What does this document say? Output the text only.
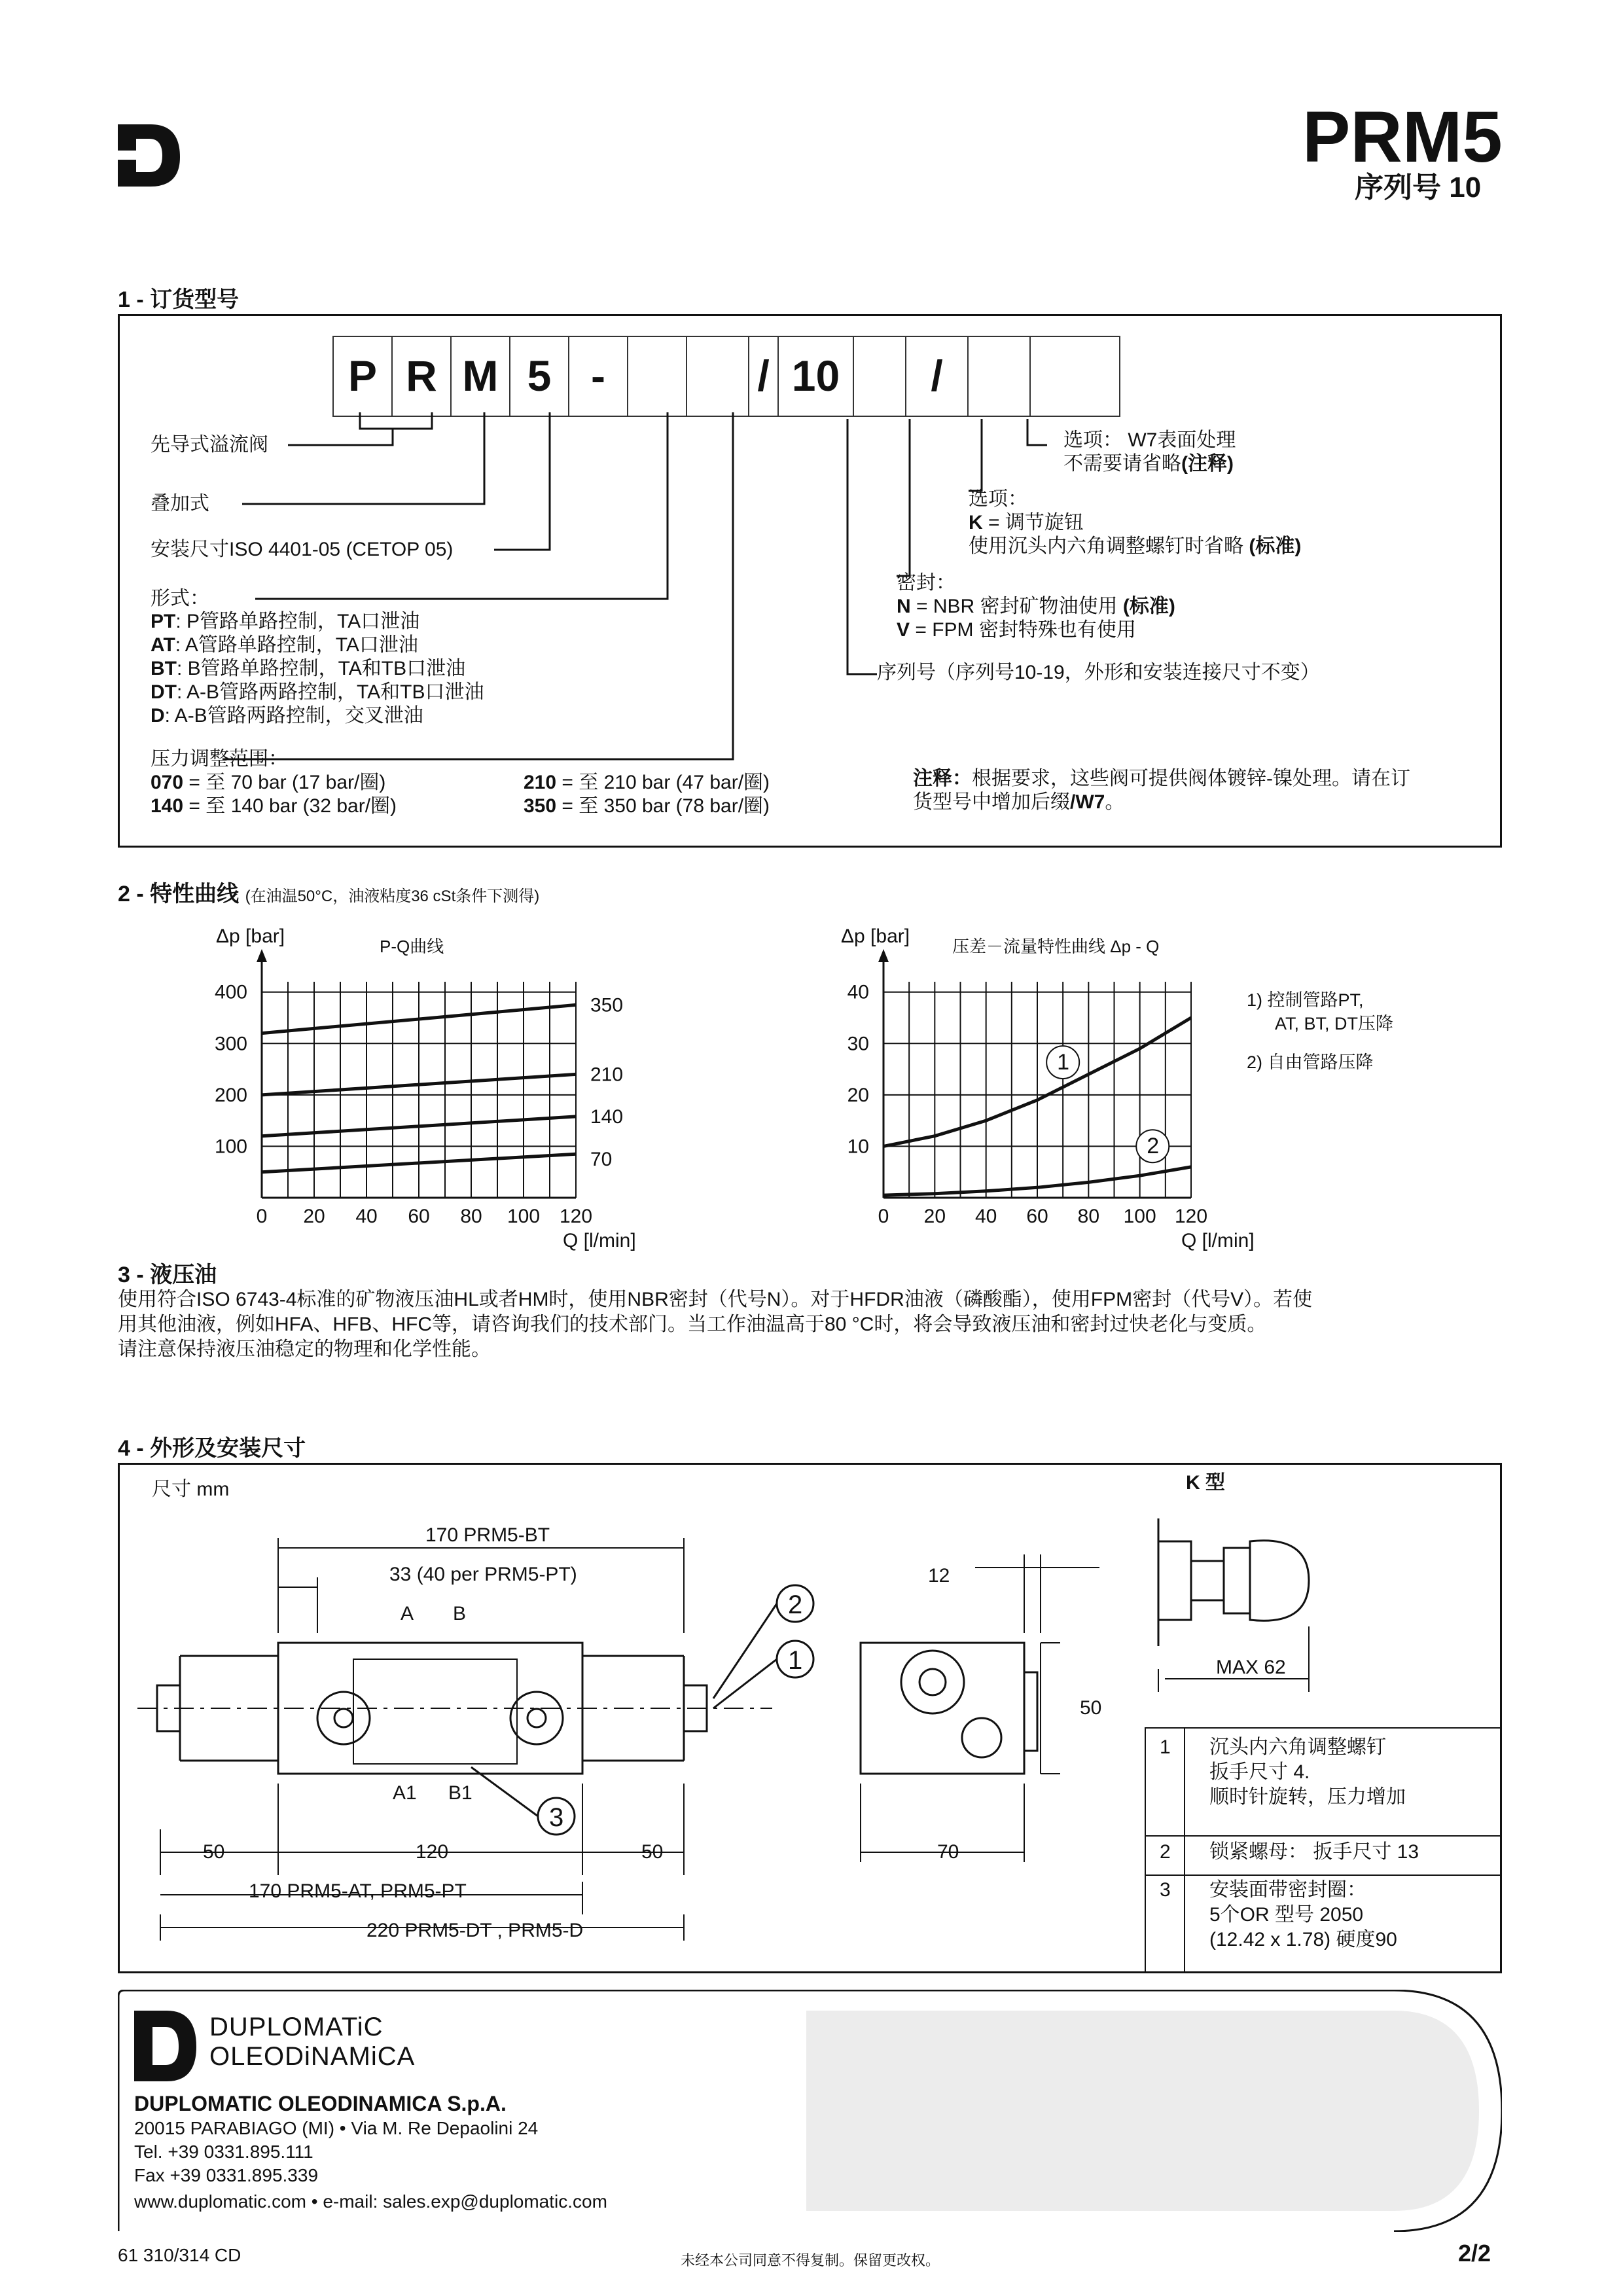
PRM5
序列号 10
1 - 订货型号
P R M 5 -	/ 10	/
先导式溢流阀
叠加式
安装尺寸ISO 4401-05 (CETOP 05)
形式：
PT: P管路单路控制，TA口泄油
AT: A管路单路控制，TA口泄油
BT: B管路单路控制，TA和TB口泄油
DT: A-B管路两路控制，TA和TB口泄油
D: A-B管路两路控制，交叉泄油
压力调整范围：
070 = 至 70 bar (17 bar/圈)
140 = 至 140 bar (32 bar/圈)
210 = 至 210 bar (47 bar/圈)
350 = 至 350 bar (78 bar/圈)
选项： W7表面处理
不需要请省略(注释)
选项：
K = 调节旋钮
使用沉头内六角调整螺钉时省略 (标准)
密封：
N = NBR 密封矿物油使用 (标准)
V = FPM 密封特殊也有使用
序列号（序列号10-19，外形和安装连接尺寸不变）
注释：根据要求，这些阀可提供阀体镀锌-镍处理。请在订
货型号中增加后缀/W7。
2 - 特性曲线 (在油温50°C，油液粘度36 cSt条件下测得)
Δp [bar]	P-Q曲线
350
210
140
70
0 20 40 60 80 100 120
100
200
300
400
Q [l/min]
Δp [bar] 压差－流量特性曲线 Δp - Q
1
2
0 20 40 60 80 100 120
10
20
30
40
Q [l/min]
1) 控制管路PT,
AT, BT, DT压降
2) 自由管路压降
3 - 液压油
使用符合ISO 6743-4标准的矿物液压油HL或者HM时，使用NBR密封（代号N）。对于HFDR油液（磷酸酯），使用FPM密封（代号V）。若使
用其他油液，例如HFA、HFB、HFC等，请咨询我们的技术部门。当工作油温高于80 °C时，将会导致液压油和密封过快老化与变质。
请注意保持液压油稳定的物理和化学性能。
4 - 外形及安装尺寸
尺寸 mm
170 PRM5-BT
33 (40 per PRM5-PT)
A B
A1 B1
50	120	50
170 PRM5-AT, PRM5-PT
220 PRM5-DT , PRM5-D
12
50
70
K 型
MAX 62
2
1
3
1 沉头内六角调整螺钉
扳手尺寸 4.
顺时针旋转，压力增加
2 锁紧螺母： 扳手尺寸 13
3 安装面带密封圈：
5个OR 型号 2050
(12.42 x 1.78) 硬度90
DUPLOMATiC
OLEODiNAMiCA
DUPLOMATIC OLEODINAMICA S.p.A.
20015 PARABIAGO (MI) • Via M. Re Depaolini 24
Tel. +39 0331.895.111
Fax +39 0331.895.339
www.duplomatic.com • e-mail: sales.exp@duplomatic.com
61 310/314 CD	未经本公司同意不得复制。保留更改权。	2/2
